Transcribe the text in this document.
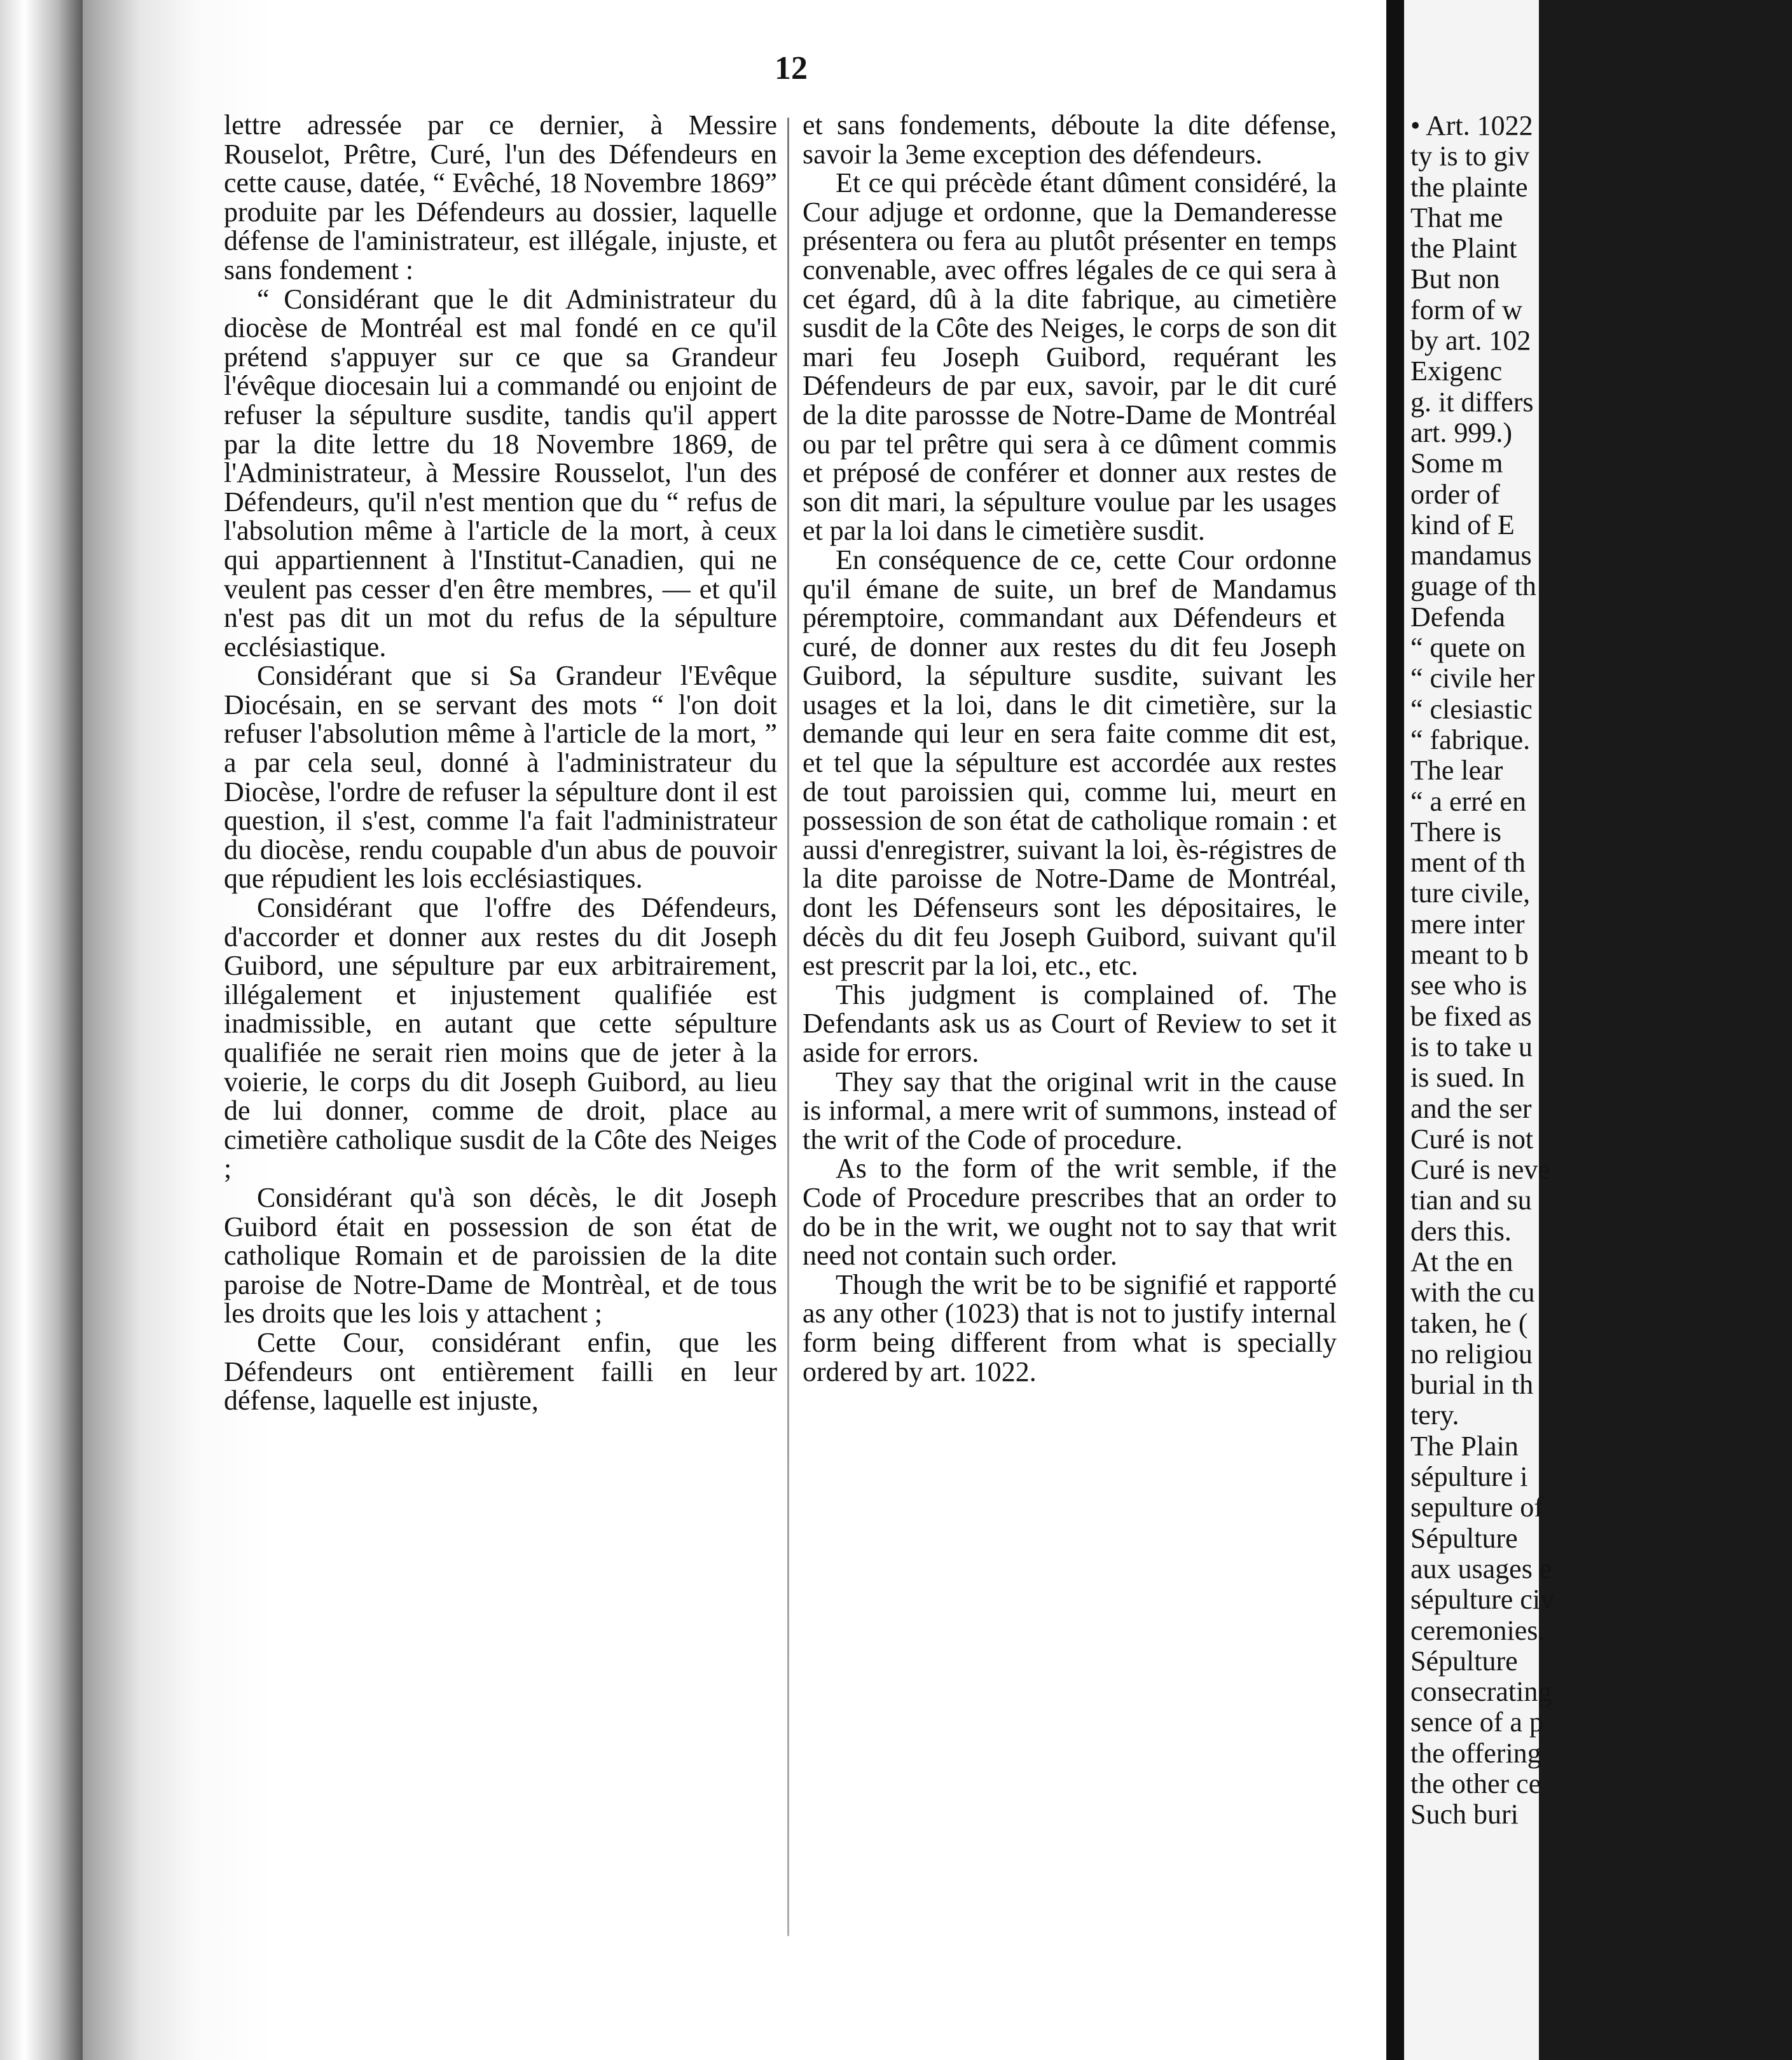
12

lettre adressée par ce dernier, à Messire Rouselot, Prêtre, Curé, l'un des Défendeurs en cette cause, datée, “ Evêché, 18 Novembre 1869” produite par les Défendeurs au dossier, laquelle défense de l'aministrateur, est illégale, injuste, et sans fondement :

“ Considérant que le dit Administrateur du diocèse de Montréal est mal fondé en ce qu'il prétend s'appuyer sur ce que sa Grandeur l'évêque diocesain lui a commandé ou enjoint de refuser la sépulture susdite, tandis qu'il appert par la dite lettre du 18 Novembre 1869, de l'Administrateur, à Messire Rousselot, l'un des Défendeurs, qu'il n'est mention que du “ refus de l'absolution même à l'article de la mort, à ceux qui appartiennent à l'Institut-Canadien, qui ne veulent pas cesser d'en être membres, — et qu'il n'est pas dit un mot du refus de la sépulture ecclésiastique.

Considérant que si Sa Grandeur l'Evêque Diocésain, en se servant des mots “ l'on doit refuser l'absolution même à l'article de la mort, ” a par cela seul, donné à l'administrateur du Diocèse, l'ordre de refuser la sépulture dont il est question, il s'est, comme l'a fait l'administrateur du diocèse, rendu coupable d'un abus de pouvoir que répudient les lois ecclésiastiques.

Considérant que l'offre des Défendeurs, d'accorder et donner aux restes du dit Joseph Guibord, une sépulture par eux arbitrairement, illégalement et injustement qualifiée est inadmissible, en autant que cette sépulture qualifiée ne serait rien moins que de jeter à la voierie, le corps du dit Joseph Guibord, au lieu de lui donner, comme de droit, place au cimetière catholique susdit de la Côte des Neiges ;

Considérant qu'à son décès, le dit Joseph Guibord était en possession de son état de catholique Romain et de paroissien de la dite paroise de Notre-Dame de Montrèal, et de tous les droits que les lois y attachent ;

Cette Cour, considérant enfin, que les Défendeurs ont entièrement failli en leur défense, laquelle est injuste,

et sans fondements, déboute la dite défense, savoir la 3eme exception des défendeurs.

Et ce qui précède étant dûment considéré, la Cour adjuge et ordonne, que la Demanderesse présentera ou fera au plutôt présenter en temps convenable, avec offres légales de ce qui sera à cet égard, dû à la dite fabrique, au cimetière susdit de la Côte des Neiges, le corps de son dit mari feu Joseph Guibord, requérant les Défendeurs de par eux, savoir, par le dit curé de la dite parossse de Notre-Dame de Montréal ou par tel prêtre qui sera à ce dûment commis et préposé de conférer et donner aux restes de son dit mari, la sépulture voulue par les usages et par la loi dans le cimetière susdit.

En conséquence de ce, cette Cour ordonne qu'il émane de suite, un bref de Mandamus péremptoire, commandant aux Défendeurs et curé, de donner aux restes du dit feu Joseph Guibord, la sépulture susdite, suivant les usages et la loi, dans le dit cimetière, sur la demande qui leur en sera faite comme dit est, et tel que la sépulture est accordée aux restes de tout paroissien qui, comme lui, meurt en possession de son état de catholique romain : et aussi d'enregistrer, suivant la loi, ès-régistres de la dite paroisse de Notre-Dame de Montréal, dont les Défenseurs sont les dépositaires, le décès du dit feu Joseph Guibord, suivant qu'il est prescrit par la loi, etc., etc.

This judgment is complained of. The Defendants ask us as Court of Review to set it aside for errors.

They say that the original writ in the cause is informal, a mere writ of summons, instead of the writ of the Code of procedure.

As to the form of the writ semble, if the Code of Procedure prescribes that an order to do be in the writ, we ought not to say that writ need not contain such order.

Though the writ be to be signifié et rapporté as any other (1023) that is not to justify internal form being different from what is specially ordered by art. 1022.

• Art. 1022
ty is to giv
the plainte
That me
the Plaint
But non
form of w
by art. 102
Exigenc
g. it differs
art. 999.)
Some m
order of
kind of E
mandamus
guage of th
Defenda
“ quete on
“ civile her
“ clesiastic
“ fabrique.
The lear
“ a erré en
There is
ment of th
ture civile,
mere inter
meant to b
see who is
be fixed as
is to take u
is sued. In
and the ser
Curé is not
Curé is neve
tian and su
ders this.
At the en
with the cu
taken, he (
no religiou
burial in th
tery.
The Plain
sépulture i
sepulture of
Sépulture
aux usages e
sépulture civ
ceremonies.
Sépulture
consecrating
sence of a p
the offering
the other ce
Such buri
